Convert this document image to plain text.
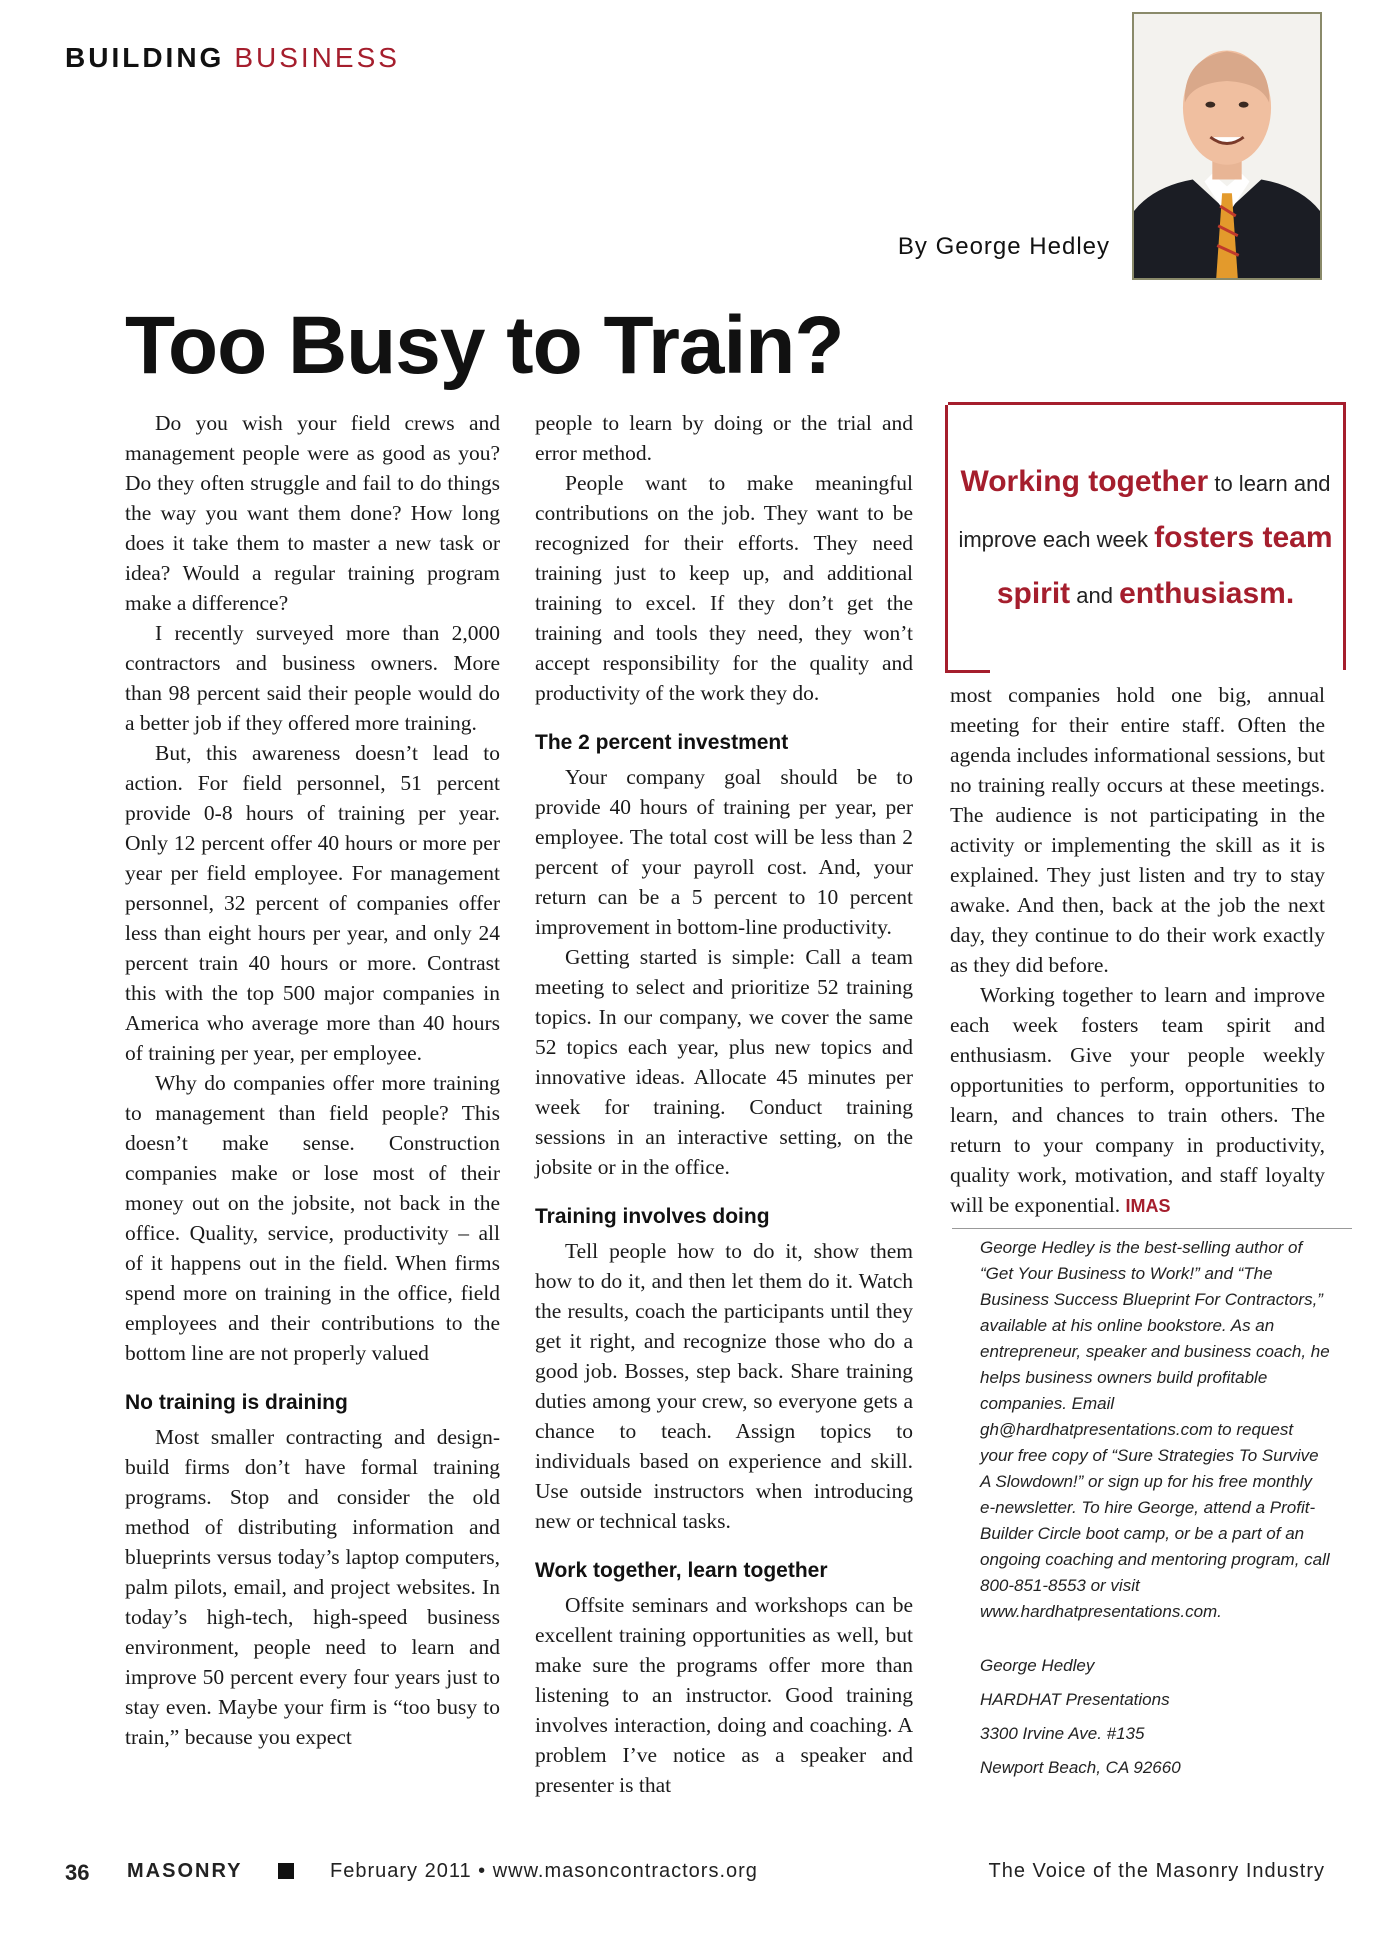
BUILDING BUSINESS
By George Hedley
Too Busy to Train?

Do you wish your field crews and management people were as good as you? Do they often struggle and fail to do things the way you want them done? How long does it take them to master a new task or idea? Would a regular training program make a difference?

I recently surveyed more than 2,000 contractors and business owners. More than 98 percent said their people would do a better job if they offered more training.

But, this awareness doesn’t lead to action. For field personnel, 51 percent provide 0-8 hours of training per year. Only 12 percent offer 40 hours or more per year per field employee. For management personnel, 32 percent of companies offer less than eight hours per year, and only 24 percent train 40 hours or more. Contrast this with the top 500 major companies in America who average more than 40 hours of training per year, per employee.

Why do companies offer more training to management than field people? This doesn’t make sense. Construction companies make or lose most of their money out on the jobsite, not back in the office. Quality, service, productivity – all of it happens out in the field. When firms spend more on training in the office, field employees and their contributions to the bottom line are not properly valued

No training is draining

Most smaller contracting and design-build firms don’t have formal training programs. Stop and consider the old method of distributing information and blueprints versus today’s laptop computers, palm pilots, email, and project websites. In today’s high-tech, high-speed business environment, people need to learn and improve 50 percent every four years just to stay even. Maybe your firm is “too busy to train,” because you expect

people to learn by doing or the trial and error method.

People want to make meaningful contributions on the job. They want to be recognized for their efforts. They need training just to keep up, and additional training to excel. If they don’t get the training and tools they need, they won’t accept responsibility for the quality and productivity of the work they do.

The 2 percent investment

Your company goal should be to provide 40 hours of training per year, per employee. The total cost will be less than 2 percent of your payroll cost. And, your return can be a 5 percent to 10 percent improvement in bottom-line productivity.

Getting started is simple: Call a team meeting to select and prioritize 52 training topics. In our company, we cover the same 52 topics each year, plus new topics and innovative ideas. Allocate 45 minutes per week for training. Conduct training sessions in an interactive setting, on the jobsite or in the office.

Training involves doing

Tell people how to do it, show them how to do it, and then let them do it. Watch the results, coach the participants until they get it right, and recognize those who do a good job. Bosses, step back. Share training duties among your crew, so everyone gets a chance to teach. Assign topics to individuals based on experience and skill. Use outside instructors when introducing new or technical tasks.

Work together, learn together

Offsite seminars and workshops can be excellent training opportunities as well, but make sure the programs offer more than listening to an instructor. Good training involves interaction, doing and coaching. A problem I’ve notice as a speaker and presenter is that

Working together to learn and improve each week fosters team spirit and enthusiasm.

most companies hold one big, annual meeting for their entire staff. Often the agenda includes informational sessions, but no training really occurs at these meetings. The audience is not participating in the activity or implementing the skill as it is explained. They just listen and try to stay awake. And then, back at the job the next day, they continue to do their work exactly as they did before.

Working together to learn and improve each week fosters team spirit and enthusiasm. Give your people weekly opportunities to perform, opportunities to learn, and chances to train others. The return to your company in productivity, quality work, motivation, and staff loyalty will be exponential. IMAS

George Hedley is the best-selling author of “Get Your Business to Work!” and “The Business Success Blueprint For Contractors,” available at his online bookstore. As an entrepreneur, speaker and business coach, he helps business owners build profitable companies. Email gh@hardhatpresentations.com to request your free copy of “Sure Strategies To Survive A Slowdown!” or sign up for his free monthly e-newsletter. To hire George, attend a Profit-Builder Circle boot camp, or be a part of an ongoing coaching and mentoring program, call 800-851-8553 or visit www.hardhatpresentations.com.
George Hedley
HARDHAT Presentations
3300 Irvine Ave. #135
Newport Beach, CA 92660
36 MASONRY	February 2011 • www.masoncontractors.org	The Voice of the Masonry Industry
